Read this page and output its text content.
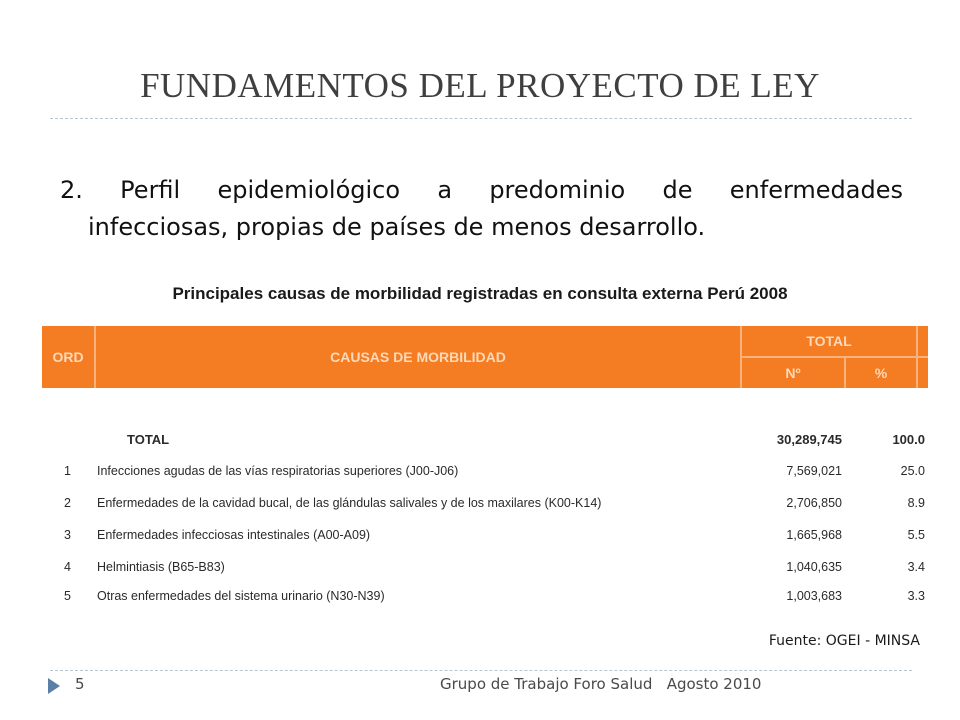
FUNDAMENTOS DEL PROYECTO DE LEY
2. Perfil epidemiológico a predominio de enfermedades
infecciosas, propias de países de menos desarrollo.
Principales causas de morbilidad registradas en consulta externa Perú 2008
ORD	CAUSAS DE MORBILIDAD
TOTAL
Nº	%
TOTAL	30,289,745	100.0
1 Infecciones agudas de las vías respiratorias superiores (J00-J06)	7,569,021	25.0
2 Enfermedades de la cavidad bucal, de las glándulas salivales y de los maxilares (K00-K14)	2,706,850	8.9
3 Enfermedades infecciosas intestinales (A00-A09)	1,665,968	5.5
4 Helmintiasis (B65-B83)	1,040,635	3.4
5 Otras enfermedades del sistema urinario (N30-N39)	1,003,683	3.3
Fuente: OGEI - MINSA
5	Grupo de Trabajo Foro Salud   Agosto 2010
